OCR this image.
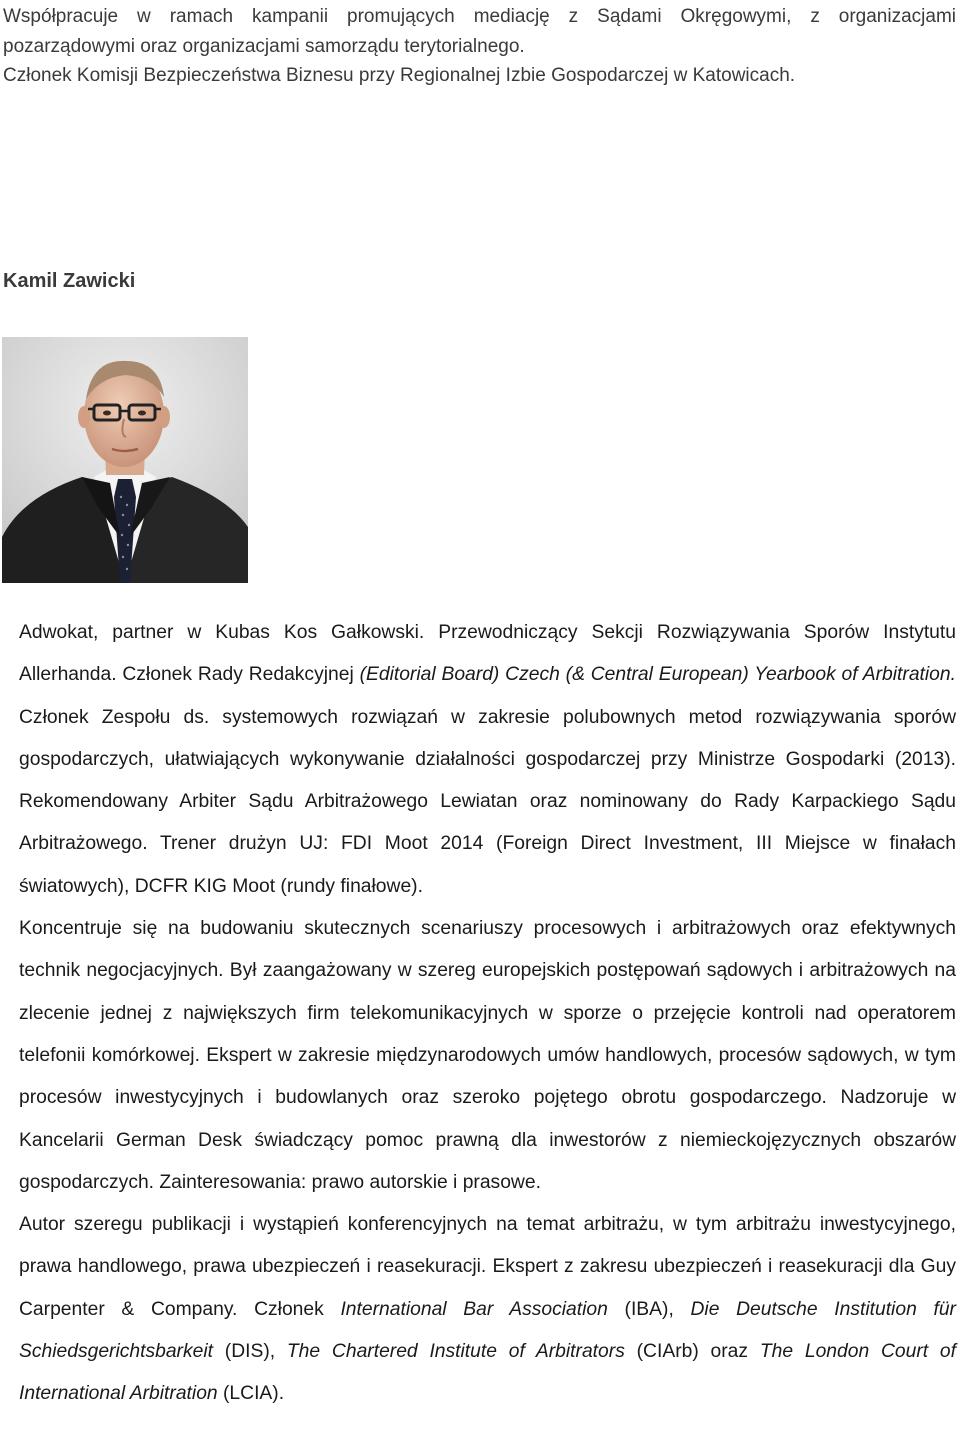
Współpracuje w ramach kampanii promujących mediację z Sądami Okręgowymi, z organizacjami

pozarządowymi oraz organizacjami samorządu terytorialnego.

Członek Komisji Bezpieczeństwa Biznesu przy Regionalnej Izbie Gospodarczej w Katowicach.

Kamil Zawicki

Adwokat, partner w Kubas Kos Gałkowski. Przewodniczący Sekcji Rozwiązywania Sporów Instytutu Allerhanda. Członek Rady Redakcyjnej (Editorial Board) Czech (& Central European) Yearbook of Arbitration. Członek Zespołu ds. systemowych rozwiązań w zakresie polubownych metod rozwiązywania sporów gospodarczych, ułatwiających wykonywanie działalności gospodarczej przy Ministrze Gospodarki (2013). Rekomendowany Arbiter Sądu Arbitrażowego Lewiatan oraz nominowany do Rady Karpackiego Sądu Arbitrażowego. Trener drużyn UJ: FDI Moot 2014 (Foreign Direct Investment, III Miejsce w finałach światowych), DCFR KIG Moot (rundy finałowe).

Koncentruje się na budowaniu skutecznych scenariuszy procesowych i arbitrażowych oraz efektywnych technik negocjacyjnych. Był zaangażowany w szereg europejskich postępowań sądowych i arbitrażowych na zlecenie jednej z największych firm telekomunikacyjnych w sporze o przejęcie kontroli nad operatorem telefonii komórkowej. Ekspert w zakresie międzynarodowych umów handlowych, procesów sądowych, w tym procesów inwestycyjnych i budowlanych oraz szeroko pojętego obrotu gospodarczego. Nadzoruje w Kancelarii German Desk świadczący pomoc prawną dla inwestorów z niemieckojęzycznych obszarów gospodarczych. Zainteresowania: prawo autorskie i prasowe.

Autor szeregu publikacji i wystąpień konferencyjnych na temat arbitrażu, w tym arbitrażu inwestycyjnego, prawa handlowego, prawa ubezpieczeń i reasekuracji. Ekspert z zakresu ubezpieczeń i reasekuracji dla Guy Carpenter & Company. Członek International Bar Association (IBA), Die Deutsche Institution für Schiedsgerichtsbarkeit (DIS), The Chartered Institute of Arbitrators (CIArb) oraz The London Court of International Arbitration (LCIA).
